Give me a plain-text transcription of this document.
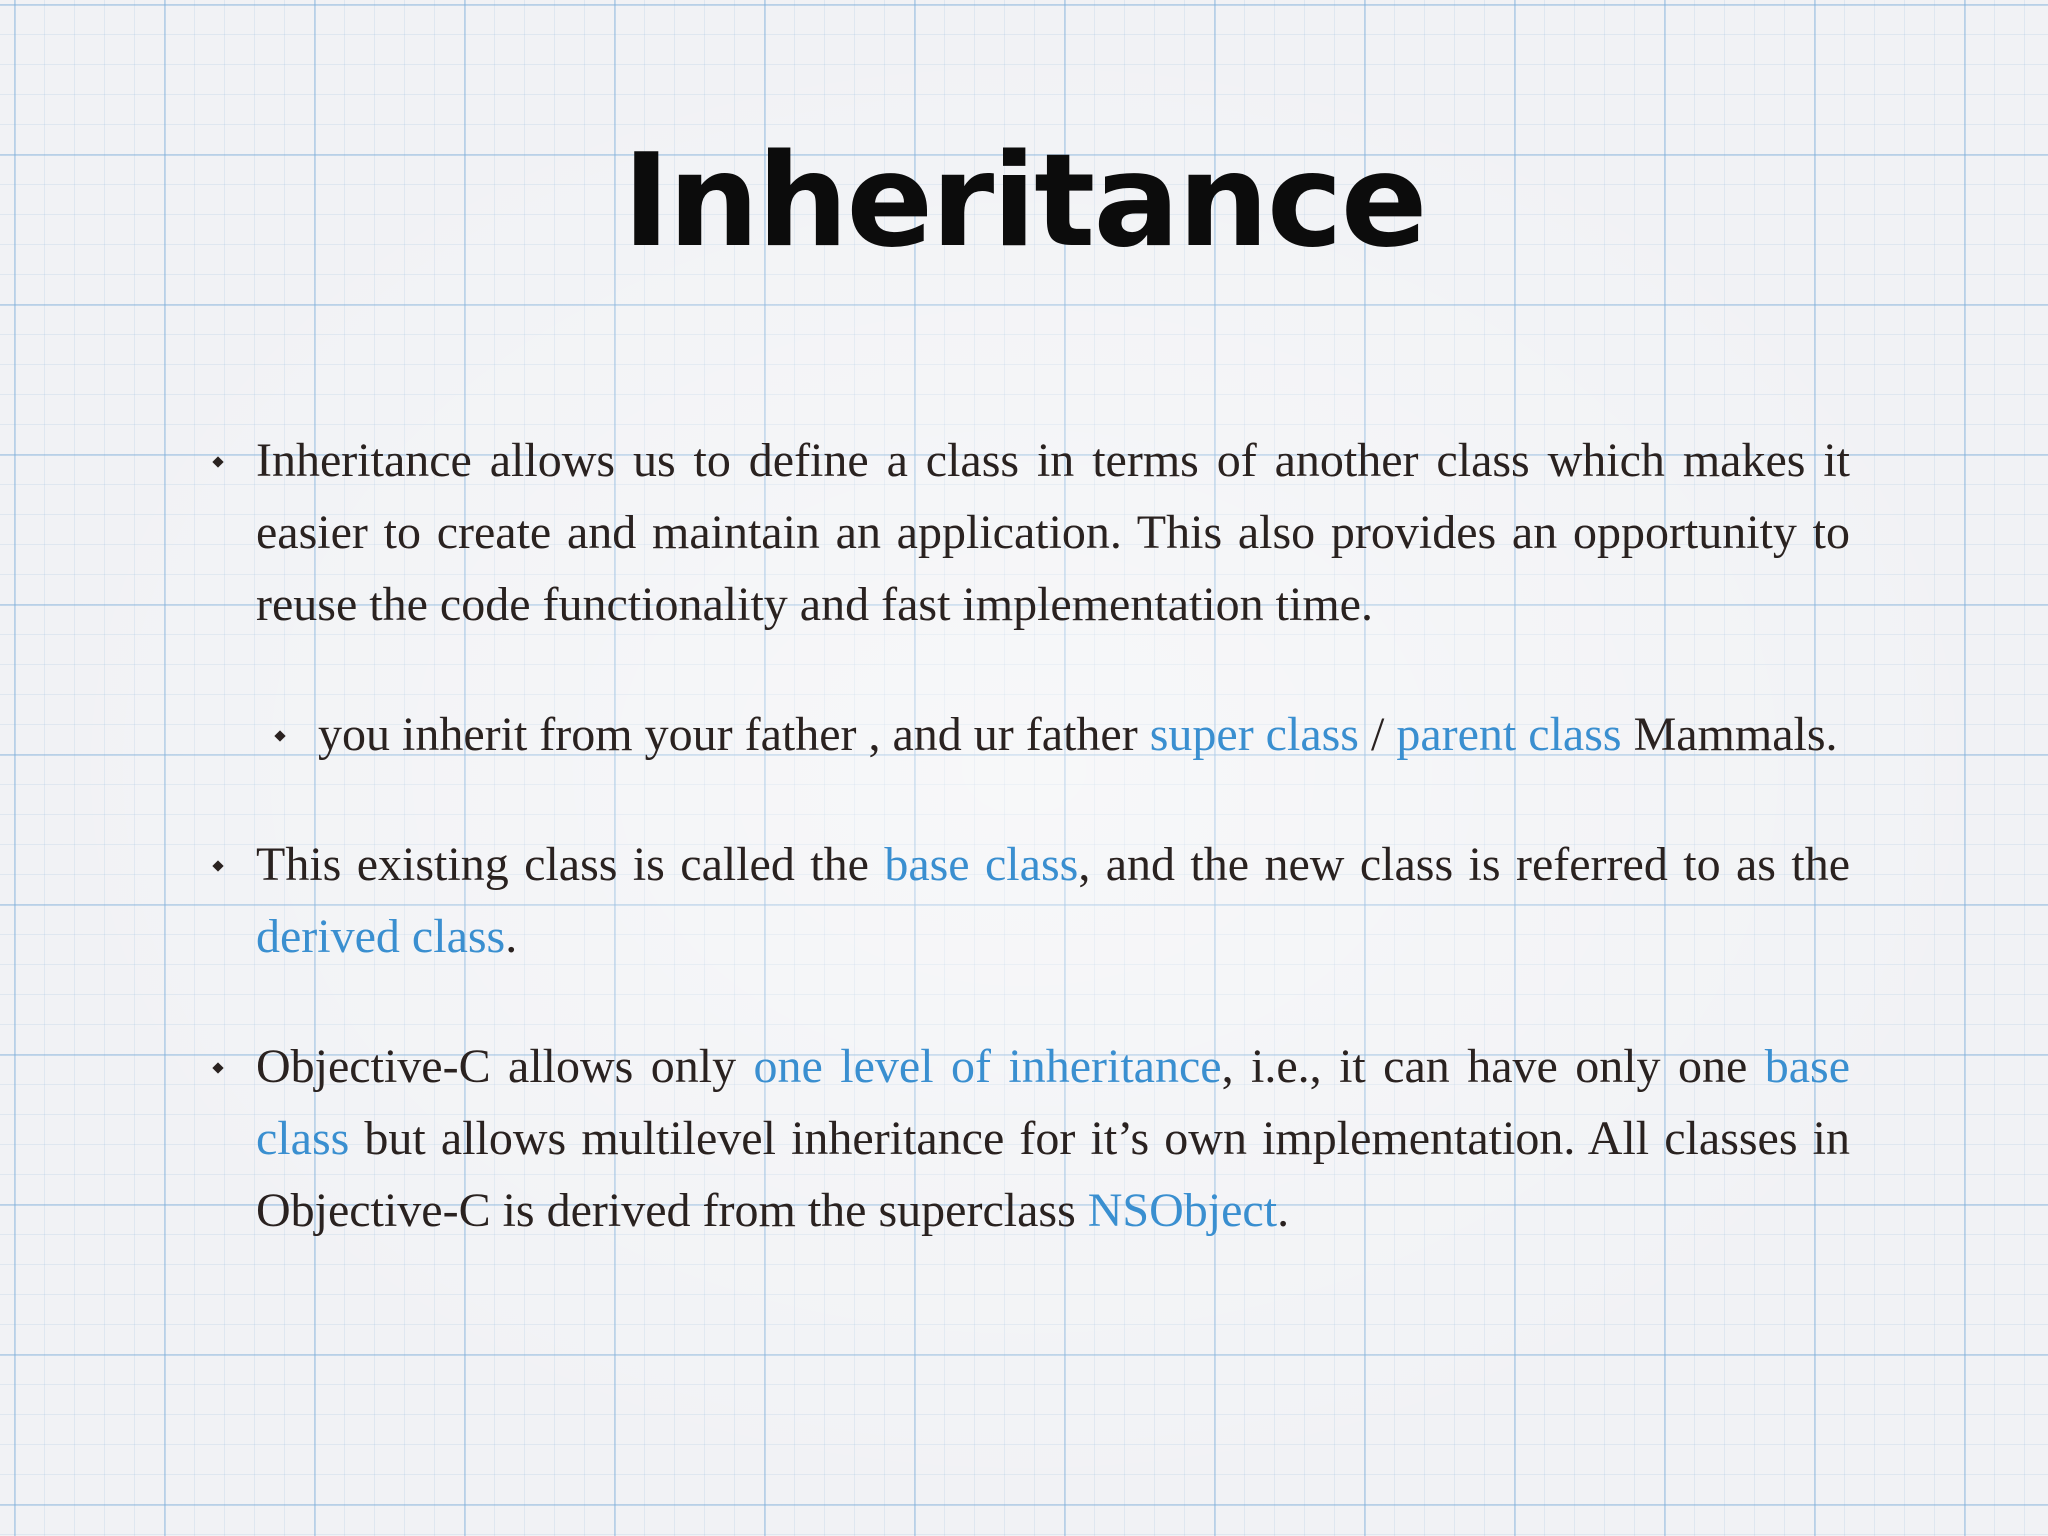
Inheritance
Inheritance allows us to define a class in terms of another class which makes it easier to create and maintain an application. This also provides an opportunity to reuse the code functionality and fast implementation time.
you inherit from your father , and ur father super class / parent class Mammals.
This existing class is called the base class, and the new class is referred to as the derived class.
Objective-C allows only one level of inheritance, i.e., it can have only one base class but allows multilevel inheritance for it’s own implementation. All classes in Objective-C is derived from the superclass NSObject.
